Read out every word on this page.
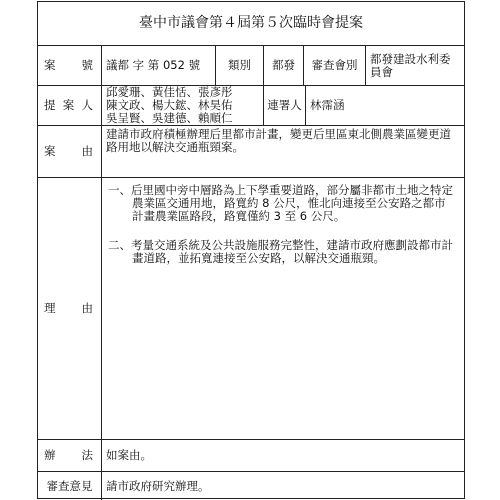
臺中市議會第４屆第５次臨時會提案
案 號	議都 字 第 052 號	類別	都發	審查會別	都發建設水利委員會
提 案 人
邱愛珊、黃佳恬、張彥彤
陳文政、楊大鋐、林昊佑
吳呈賢、吳建德、賴順仁
連署人 林霈涵
案 由
建請市政府積極辦理后里都市計畫，變更后里區東北側農業區變更道路用地以解決交通瓶頸案。
理 由

一、后里國中旁中層路為上下學重要道路，部分屬非都市土地之特定農業區交通用地，路寬約 8 公尺，惟北向連接至公安路之都市計畫農業區路段，路寬僅約 3 至 6 公尺。

二、考量交通系統及公共設施服務完整性，建請市政府應劃設都市計畫道路，並拓寬連接至公安路，以解決交通瓶頸。

辦 法	如案由。
審查意見	請市政府研究辦理。
